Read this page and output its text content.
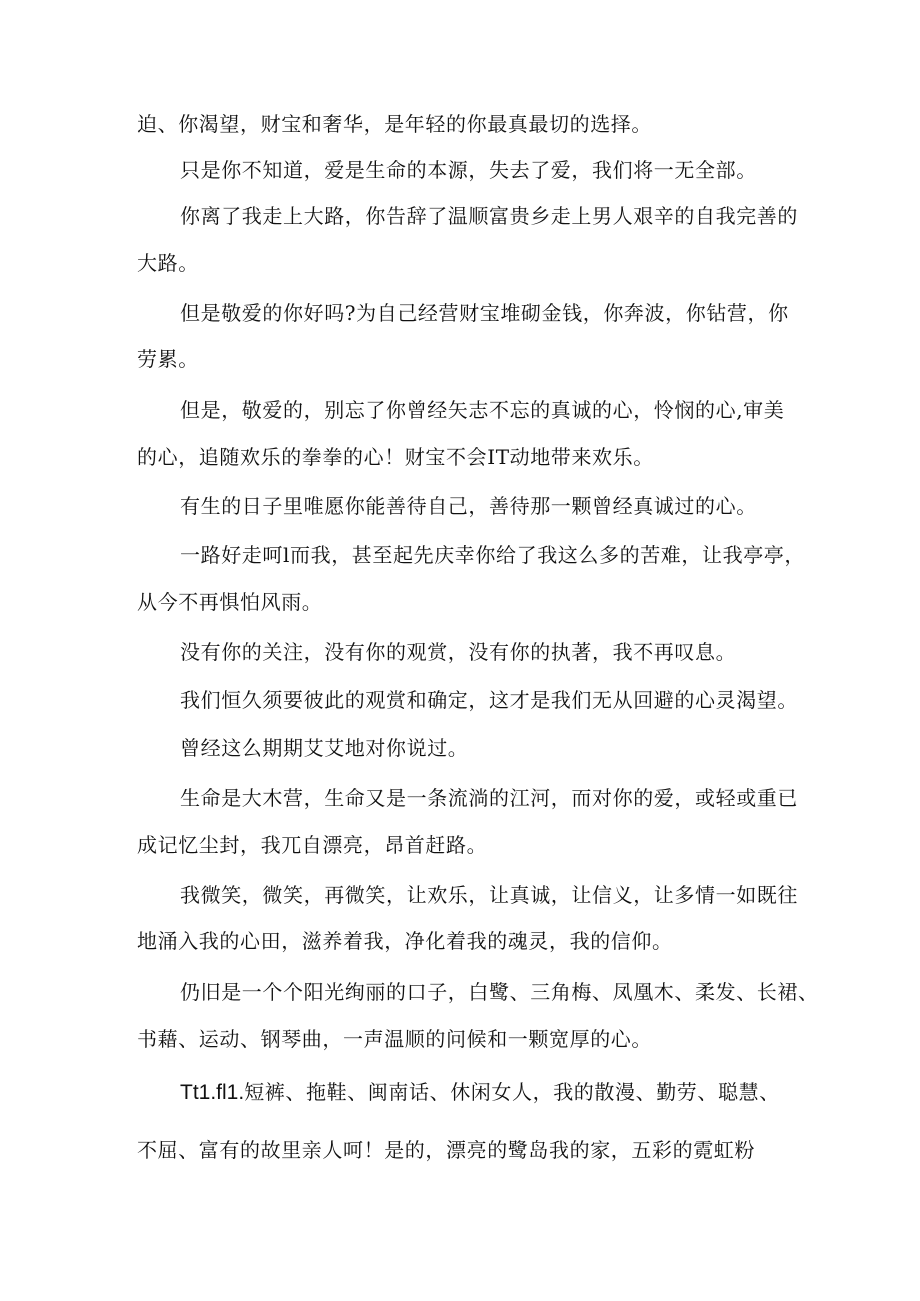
迫、你渴望，财宝和奢华，是年轻的你最真最切的选择。
只是你不知道，爱是生命的本源，失去了爱，我们将一无全部。
你离了我走上大路，你告辞了温顺富贵乡走上男人艰辛的自我完善的
大路。
但是敬爱的你好吗?为自己经营财宝堆砌金钱，你奔波，你钻营，你
劳累。
但是，敬爱的，别忘了你曾经矢志不忘的真诚的心，怜悯的心,审美
的心，追随欢乐的拳拳的心！财宝不会IT动地带来欢乐。
有生的日子里唯愿你能善待自己，善待那一颗曾经真诚过的心。
一路好走呵l而我，甚至起先庆幸你给了我这么多的苦难，让我亭亭，
从今不再惧怕风雨。
没有你的关注，没有你的观赏，没有你的执著，我不再叹息。
我们恒久须要彼此的观赏和确定，这才是我们无从回避的心灵渴望。
曾经这么期期艾艾地对你说过。
生命是大木营，生命又是一条流淌的江河，而对你的爱，或轻或重已
成记忆尘封，我兀自漂亮，昂首赶路。
我微笑，微笑，再微笑，让欢乐，让真诚，让信义，让多情一如既往
地涌入我的心田，滋养着我，净化着我的魂灵，我的信仰。
仍旧是一个个阳光绚丽的口子，白鹭、三角梅、凤凰木、柔发、长裙、
书藉、运动、钢琴曲，一声温顺的问候和一颗宽厚的心。
Tt1.fl1.短裤、拖鞋、闽南话、休闲女人，我的散漫、勤劳、聪慧、
不屈、富有的故里亲人呵！是的，漂亮的鹭岛我的家，五彩的霓虹粉
